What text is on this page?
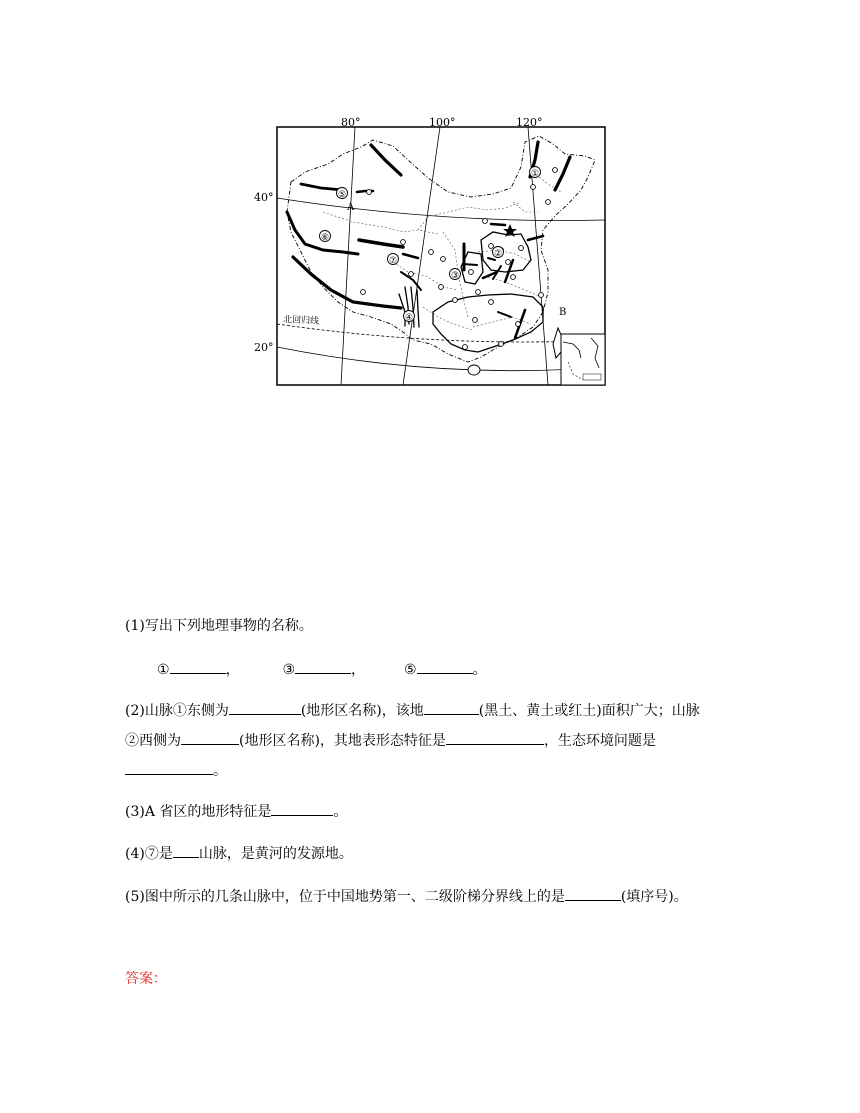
80°	100°	120°
40°
20°
北回归线
①
②
③
④
⑤
⑥
⑦
A
B
(1)写出下列地理事物的名称。
①	，	③	，	⑤	。
(2)山脉①东侧为	(地形区名称)，该地	(黑土、黄土或红土)面积广大；山脉
②西侧为	(地形区名称)，其地表形态特征是	，生态环境问题是
。
(3)A 省区的地形特征是	。
(4)⑦是 山脉，是黄河的发源地。
(5)图中所示的几条山脉中，位于中国地势第一、二级阶梯分界线上的是	(填序号)。
答案：
